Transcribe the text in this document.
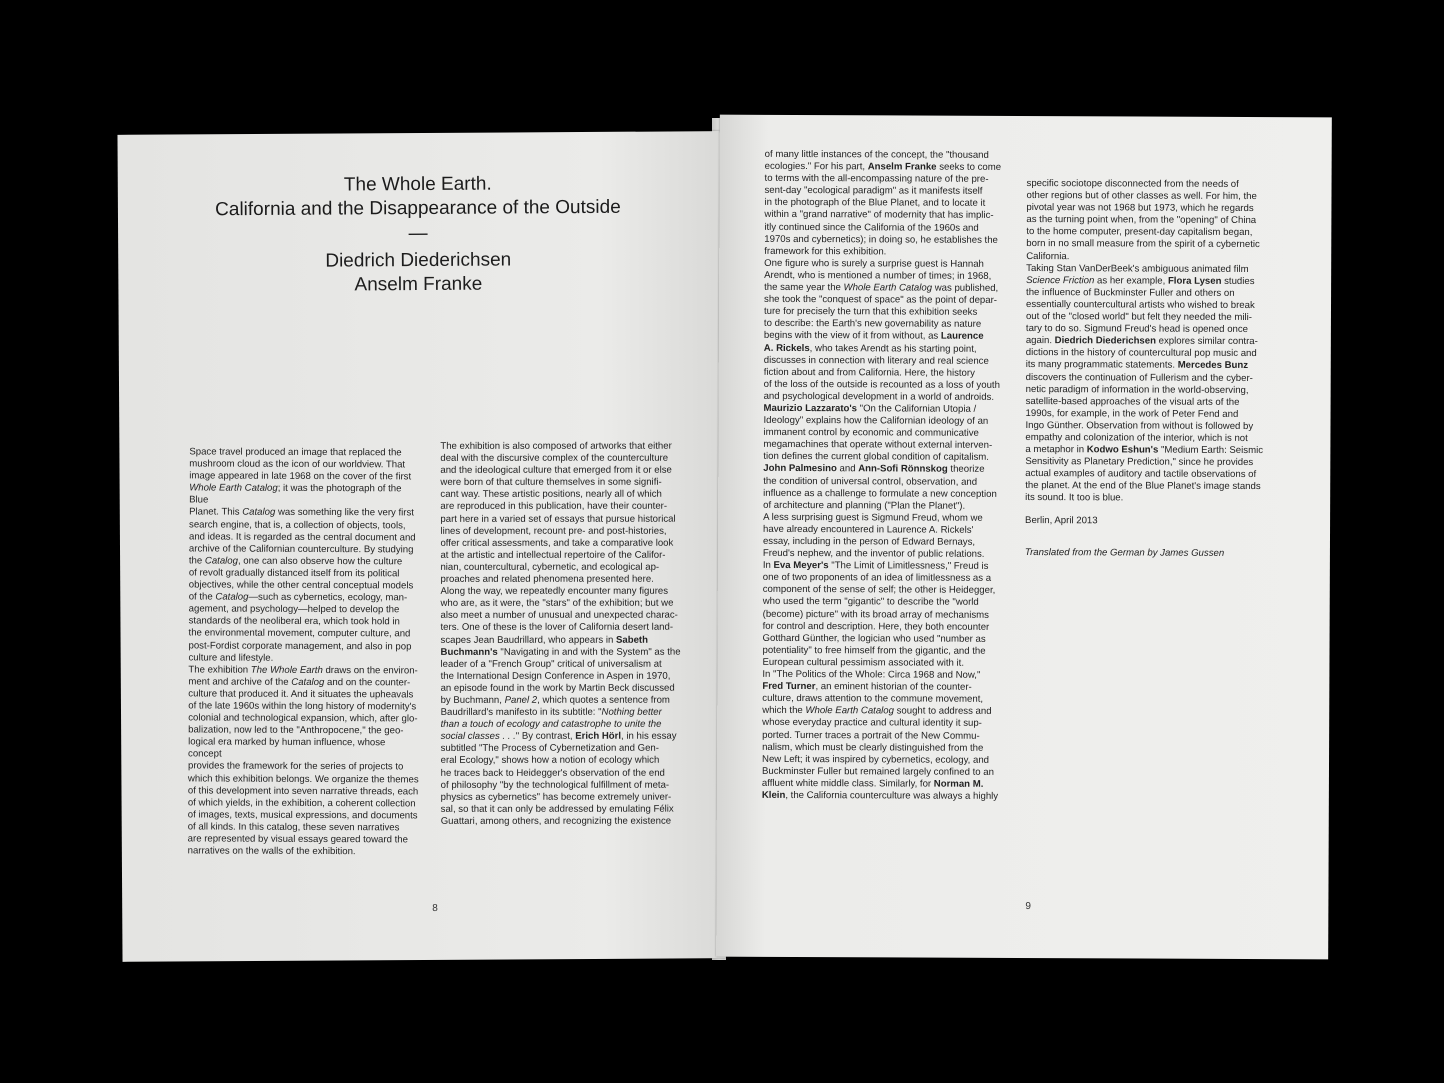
The Whole Earth.
California and the Disappearance of the Outside

—

Diedrich Diederichsen
Anselm Franke

Space travel produced an image that replaced the
mushroom cloud as the icon of our worldview. That
image appeared in late 1968 on the cover of the first
Whole Earth Catalog; it was the photograph of the Blue
Planet. This Catalog was something like the very first
search engine, that is, a collection of objects, tools,
and ideas. It is regarded as the central document and
archive of the Californian counterculture. By studying
the Catalog, one can also observe how the culture
of revolt gradually distanced itself from its political
objectives, while the other central conceptual models
of the Catalog—such as cybernetics, ecology, man-
agement, and psychology—helped to develop the
standards of the neoliberal era, which took hold in
the environmental movement, computer culture, and
post-Fordist corporate management, and also in pop
culture and lifestyle.

The exhibition The Whole Earth draws on the environ-
ment and archive of the Catalog and on the counter-
culture that produced it. And it situates the upheavals
of the late 1960s within the long history of modernity's
colonial and technological expansion, which, after glo-
balization, now led to the "Anthropocene," the geo-
logical era marked by human influence, whose concept
provides the framework for the series of projects to
which this exhibition belongs. We organize the themes
of this development into seven narrative threads, each
of which yields, in the exhibition, a coherent collection
of images, texts, musical expressions, and documents
of all kinds. In this catalog, these seven narratives
are represented by visual essays geared toward the
narratives on the walls of the exhibition.

The exhibition is also composed of artworks that either
deal with the discursive complex of the counterculture
and the ideological culture that emerged from it or else
were born of that culture themselves in some signifi-
cant way. These artistic positions, nearly all of which
are reproduced in this publication, have their counter-
part here in a varied set of essays that pursue historical
lines of development, recount pre- and post-histories,
offer critical assessments, and take a comparative look
at the artistic and intellectual repertoire of the Califor-
nian, countercultural, cybernetic, and ecological ap-
proaches and related phenomena presented here.

Along the way, we repeatedly encounter many figures
who are, as it were, the "stars" of the exhibition; but we
also meet a number of unusual and unexpected charac-
ters. One of these is the lover of California desert land-
scapes Jean Baudrillard, who appears in Sabeth
Buchmann's "Navigating in and with the System" as the
leader of a "French Group" critical of universalism at
the International Design Conference in Aspen in 1970,
an episode found in the work by Martin Beck discussed
by Buchmann, Panel 2, which quotes a sentence from
Baudrillard's manifesto in its subtitle: "Nothing better
than a touch of ecology and catastrophe to unite the
social classes . . ." By contrast, Erich Hörl, in his essay
subtitled "The Process of Cybernetization and Gen-
eral Ecology," shows how a notion of ecology which
he traces back to Heidegger's observation of the end
of philosophy "by the technological fulfillment of meta-
physics as cybernetics" has become extremely univer-
sal, so that it can only be addressed by emulating Félix
Guattari, among others, and recognizing the existence

8

of many little instances of the concept, the "thousand
ecologies." For his part, Anselm Franke seeks to come
to terms with the all-encompassing nature of the pre-
sent-day "ecological paradigm" as it manifests itself
in the photograph of the Blue Planet, and to locate it
within a "grand narrative" of modernity that has implic-
itly continued since the California of the 1960s and
1970s and cybernetics); in doing so, he establishes the
framework for this exhibition.

One figure who is surely a surprise guest is Hannah
Arendt, who is mentioned a number of times; in 1968,
the same year the Whole Earth Catalog was published,
she took the "conquest of space" as the point of depar-
ture for precisely the turn that this exhibition seeks
to describe: the Earth's new governability as nature
begins with the view of it from without, as Laurence
A. Rickels, who takes Arendt as his starting point,
discusses in connection with literary and real science
fiction about and from California. Here, the history
of the loss of the outside is recounted as a loss of youth
and psychological development in a world of androids.
Maurizio Lazzarato's "On the Californian Utopia /
Ideology" explains how the Californian ideology of an
immanent control by economic and communicative
megamachines that operate without external interven-
tion defines the current global condition of capitalism.
John Palmesino and Ann-Sofi Rönnskog theorize
the condition of universal control, observation, and
influence as a challenge to formulate a new conception
of architecture and planning ("Plan the Planet").

A less surprising guest is Sigmund Freud, whom we
have already encountered in Laurence A. Rickels'
essay, including in the person of Edward Bernays,
Freud's nephew, and the inventor of public relations.
In Eva Meyer's "The Limit of Limitlessness," Freud is
one of two proponents of an idea of limitlessness as a
component of the sense of self; the other is Heidegger,
who used the term "gigantic" to describe the "world
(become) picture" with its broad array of mechanisms
for control and description. Here, they both encounter
Gotthard Günther, the logician who used "number as
potentiality" to free himself from the gigantic, and the
European cultural pessimism associated with it.

In "The Politics of the Whole: Circa 1968 and Now,"
Fred Turner, an eminent historian of the counter-
culture, draws attention to the commune movement,
which the Whole Earth Catalog sought to address and
whose everyday practice and cultural identity it sup-
ported. Turner traces a portrait of the New Commu-
nalism, which must be clearly distinguished from the
New Left; it was inspired by cybernetics, ecology, and
Buckminster Fuller but remained largely confined to an
affluent white middle class. Similarly, for Norman M.
Klein, the California counterculture was always a highly

specific sociotope disconnected from the needs of
other regions but of other classes as well. For him, the
pivotal year was not 1968 but 1973, which he regards
as the turning point when, from the "opening" of China
to the home computer, present-day capitalism began,
born in no small measure from the spirit of a cybernetic
California.

Taking Stan VanDerBeek's ambiguous animated film
Science Friction as her example, Flora Lysen studies
the influence of Buckminster Fuller and others on
essentially countercultural artists who wished to break
out of the "closed world" but felt they needed the mili-
tary to do so. Sigmund Freud's head is opened once
again. Diedrich Diederichsen explores similar contra-
dictions in the history of countercultural pop music and
its many programmatic statements. Mercedes Bunz
discovers the continuation of Fullerism and the cyber-
netic paradigm of information in the world-observing,
satellite-based approaches of the visual arts of the
1990s, for example, in the work of Peter Fend and
Ingo Günther. Observation from without is followed by
empathy and colonization of the interior, which is not
a metaphor in Kodwo Eshun's "Medium Earth: Seismic
Sensitivity as Planetary Prediction," since he provides
actual examples of auditory and tactile observations of
the planet. At the end of the Blue Planet's image stands
its sound. It too is blue.

Berlin, April 2013

Translated from the German by James Gussen

9
